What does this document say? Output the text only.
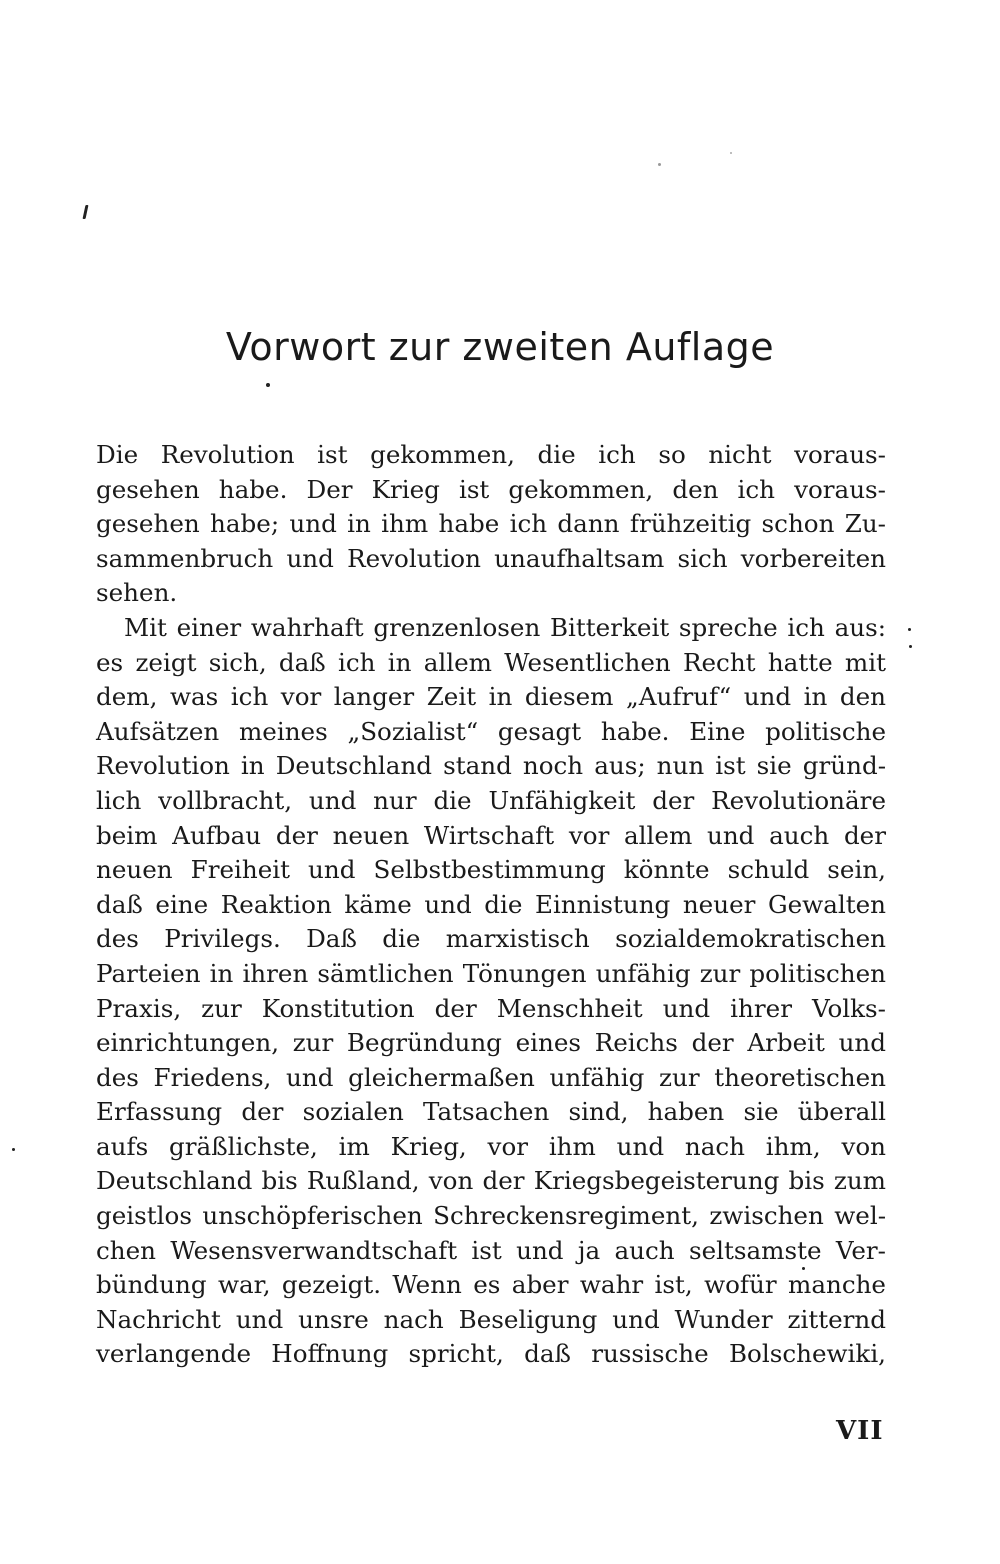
Vorwort zur zweiten Auflage
Die Revolution ist gekommen, die ich so nicht voraus-
gesehen habe. Der Krieg ist gekommen, den ich voraus-
gesehen habe; und in ihm habe ich dann frühzeitig schon Zu-
sammenbruch und Revolution unaufhaltsam sich vorbereiten
sehen.
Mit einer wahrhaft grenzenlosen Bitterkeit spreche ich aus:
es zeigt sich, daß ich in allem Wesentlichen Recht hatte mit
dem, was ich vor langer Zeit in diesem „Aufruf“ und in den
Aufsätzen meines „Sozialist“ gesagt habe. Eine politische
Revolution in Deutschland stand noch aus; nun ist sie gründ-
lich vollbracht, und nur die Unfähigkeit der Revolutionäre
beim Aufbau der neuen Wirtschaft vor allem und auch der
neuen Freiheit und Selbstbestimmung könnte schuld sein,
daß eine Reaktion käme und die Einnistung neuer Gewalten
des Privilegs. Daß die marxistisch sozialdemokratischen
Parteien in ihren sämtlichen Tönungen unfähig zur politischen
Praxis, zur Konstitution der Menschheit und ihrer Volks-
einrichtungen, zur Begründung eines Reichs der Arbeit und
des Friedens, und gleichermaßen unfähig zur theoretischen
Erfassung der sozialen Tatsachen sind, haben sie überall
aufs gräßlichste, im Krieg, vor ihm und nach ihm, von
Deutschland bis Rußland, von der Kriegsbegeisterung bis zum
geistlos unschöpferischen Schreckensregiment, zwischen wel-
chen Wesensverwandtschaft ist und ja auch seltsamste Ver-
bündung war, gezeigt. Wenn es aber wahr ist, wofür manche
Nachricht und unsre nach Beseligung und Wunder zitternd
verlangende Hoffnung spricht, daß russische Bolschewiki,
VII
